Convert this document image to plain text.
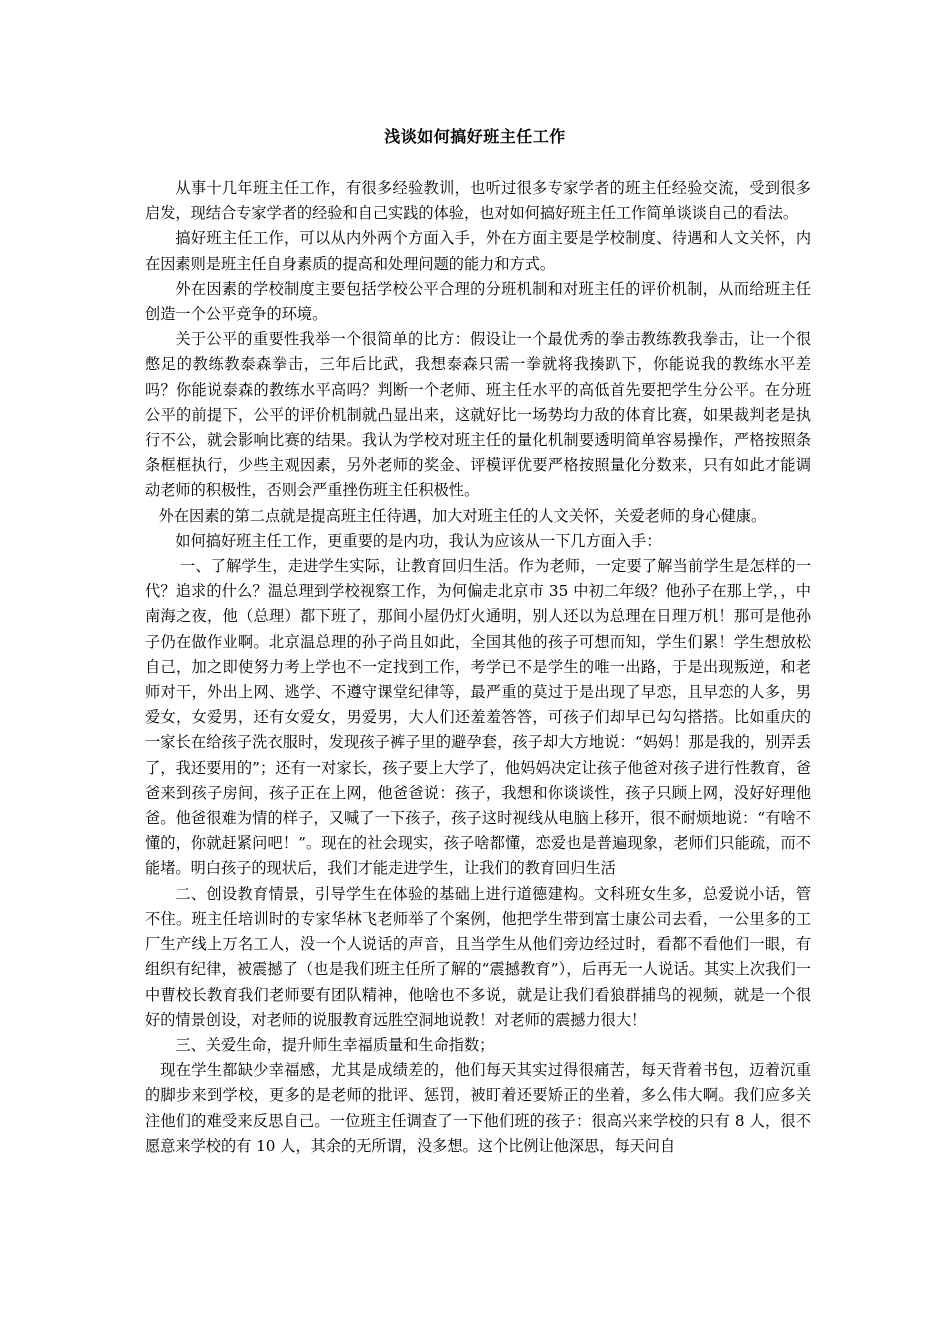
浅谈如何搞好班主任工作

从事十几年班主任工作，有很多经验教训，也听过很多专家学者的班主任经验交流，受到很多启发，现结合专家学者的经验和自己实践的体验，也对如何搞好班主任工作简单谈谈自己的看法。

搞好班主任工作，可以从内外两个方面入手，外在方面主要是学校制度、待遇和人文关怀，内在因素则是班主任自身素质的提高和处理问题的能力和方式。

外在因素的学校制度主要包括学校公平合理的分班机制和对班主任的评价机制，从而给班主任创造一个公平竞争的环境。

关于公平的重要性我举一个很简单的比方：假设让一个最优秀的拳击教练教我拳击，让一个很憋足的教练教泰森拳击，三年后比武，我想泰森只需一拳就将我揍趴下，你能说我的教练水平差吗？你能说泰森的教练水平高吗？判断一个老师、班主任水平的高低首先要把学生分公平。在分班公平的前提下，公平的评价机制就凸显出来，这就好比一场势均力敌的体育比赛，如果裁判老是执行不公，就会影响比赛的结果。我认为学校对班主任的量化机制要透明简单容易操作，严格按照条条框框执行，少些主观因素，另外老师的奖金、评模评优要严格按照量化分数来，只有如此才能调动老师的积极性，否则会严重挫伤班主任积极性。

外在因素的第二点就是提高班主任待遇，加大对班主任的人文关怀，关爱老师的身心健康。

如何搞好班主任工作，更重要的是内功，我认为应该从一下几方面入手：

一、了解学生，走进学生实际，让教育回归生活。作为老师，一定要了解当前学生是怎样的一代？追求的什么？温总理到学校视察工作，为何偏走北京市 35 中初二年级？他孙子在那上学，，中南海之夜，他（总理）都下班了，那间小屋仍灯火通明，别人还以为总理在日理万机！那可是他孙子仍在做作业啊。北京温总理的孙子尚且如此，全国其他的孩子可想而知，学生们累！学生想放松自己，加之即使努力考上学也不一定找到工作，考学已不是学生的唯一出路，于是出现叛逆，和老师对干，外出上网、逃学、不遵守课堂纪律等，最严重的莫过于是出现了早恋，且早恋的人多，男爱女，女爱男，还有女爱女，男爱男，大人们还羞羞答答，可孩子们却早已勾勾搭搭。比如重庆的一家长在给孩子洗衣服时，发现孩子裤子里的避孕套，孩子却大方地说：“妈妈！那是我的，别弄丢了，我还要用的”；还有一对家长，孩子要上大学了，他妈妈决定让孩子他爸对孩子进行性教育，爸爸来到孩子房间，孩子正在上网，他爸爸说：孩子，我想和你谈谈性，孩子只顾上网，没好好理他爸。他爸很难为情的样子，又喊了一下孩子，孩子这时视线从电脑上移开，很不耐烦地说：“有啥不懂的，你就赶紧问吧！”。现在的社会现实，孩子啥都懂，恋爱也是普遍现象，老师们只能疏，而不能堵。明白孩子的现状后，我们才能走进学生，让我们的教育回归生活

二、创设教育情景，引导学生在体验的基础上进行道德建构。文科班女生多，总爱说小话，管不住。班主任培训时的专家华林飞老师举了个案例，他把学生带到富士康公司去看，一公里多的工厂生产线上万名工人，没一个人说话的声音，且当学生从他们旁边经过时，看都不看他们一眼，有组织有纪律，被震撼了（也是我们班主任所了解的“震撼教育”），后再无一人说话。其实上次我们一中曹校长教育我们老师要有团队精神，他啥也不多说，就是让我们看狼群捕鸟的视频，就是一个很好的情景创设，对老师的说服教育远胜空洞地说教！对老师的震撼力很大！

三、关爱生命，提升师生幸福质量和生命指数；

现在学生都缺少幸福感，尤其是成绩差的，他们每天其实过得很痛苦，每天背着书包，迈着沉重的脚步来到学校，更多的是老师的批评、惩罚，被盯着还要矫正的坐着，多么伟大啊。我们应多关注他们的难受来反思自己。一位班主任调查了一下他们班的孩子：很高兴来学校的只有 8 人，很不愿意来学校的有 10 人，其余的无所谓，没多想。这个比例让他深思，每天问自
